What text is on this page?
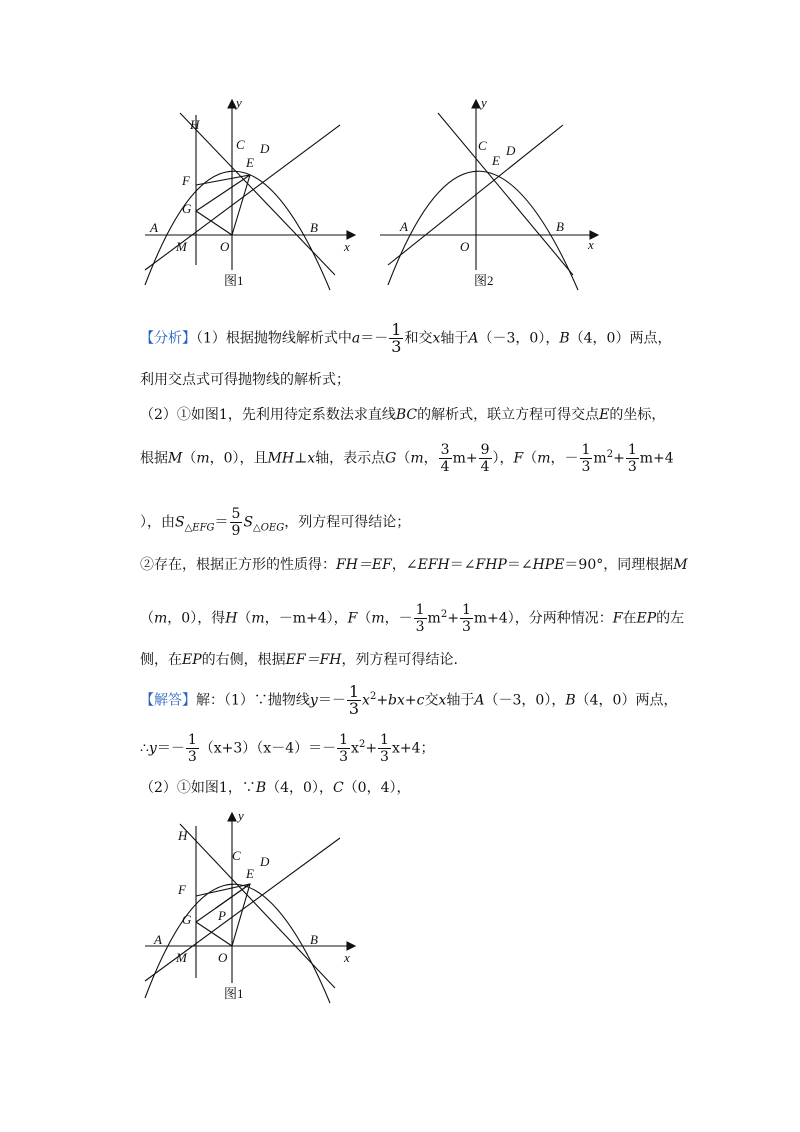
H
y
C D
E
F
G
A
M	O
B
x
图1
y
C D
E
A
O
B
x
图2
【分析】（1）根据抛物线解析式中$a=- \frac{1}{3}$ 和交x轴于A（－3，0），B（4，0）两点，
利用交点式可得抛物线的解析式；
（2）①如图1，先利用待定系数法求直线BC的解析式，联立方程可得交点E的坐标，
根据M（m，0），且MH⊥x轴，表示点G（m， $\frac{3}{4} m+ \frac{9}{4}$ ），F（m，－ $\frac{1}{3} m^2+ \frac{1}{3} m+4$
），由$S_{\triangle EFG}= \frac{5}{9} S_{\triangle OEG}$，列方程可得结论；
②存在，根据正方形的性质得：FH＝EF，∠EFH＝∠FHP＝∠HPE＝90°，同理根据M
（m，0），得H（m，－m+4），F（m，－ $\frac{1}{3} m^2+ \frac{1}{3} m+4$），分两种情况：F在EP的左
侧，在EP的右侧，根据EF＝FH，列方程可得结论.
【解答】解：（1）∵抛物线$y=- \frac{1}{3} x^2+bx+c$交x轴于A（－3，0），B（4，0）两点，
∴y＝－ $\frac{1}{3} (x+3)(x-4)=- \frac{1}{3} x^2+ \frac{1}{3} x+4$；
（2）①如图1，∵B（4，0），C（0，4），
H
y
C D
E
F
G P
A
M O
B
x
图1
